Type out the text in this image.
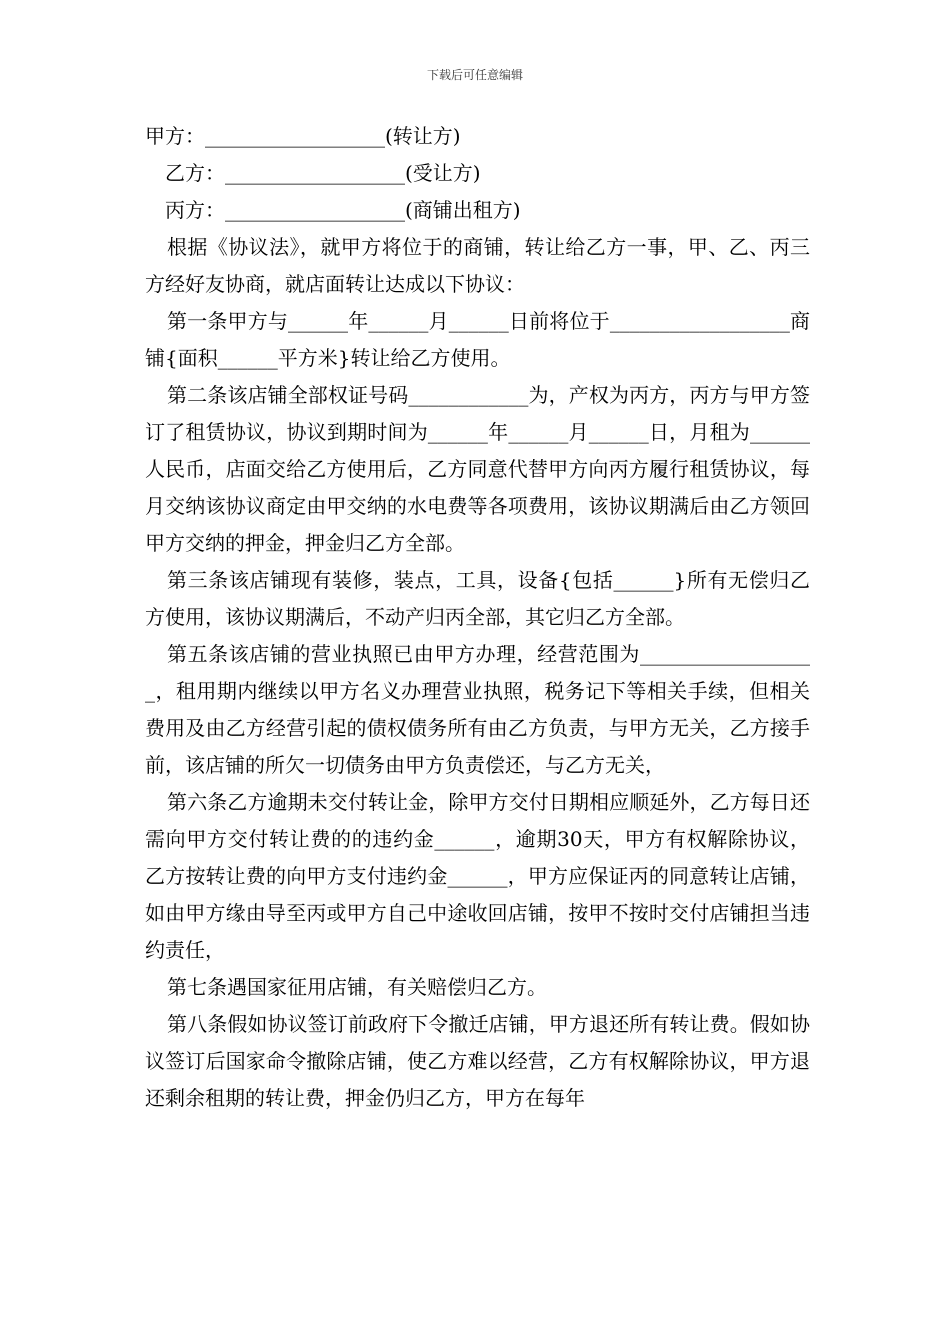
下载后可任意编辑

甲方：__________________(转让方)

乙方：__________________(受让方)

丙方：__________________(商铺出租方)

根据《协议法》，就甲方将位于的商铺，转让给乙方一事，甲、乙、丙三方经好友协商，就店面转让达成以下协议：

第一条甲方与______年______月______日前将位于__________________商铺{面积______平方米}转让给乙方使用。

第二条该店铺全部权证号码____________为，产权为丙方，丙方与甲方签订了租赁协议，协议到期时间为______年______月______日，月租为______人民币，店面交给乙方使用后，乙方同意代替甲方向丙方履行租赁协议，每月交纳该协议商定由甲交纳的水电费等各项费用，该协议期满后由乙方领回甲方交纳的押金，押金归乙方全部。

第三条该店铺现有装修，装点，工具，设备{包括______}所有无偿归乙方使用，该协议期满后，不动产归丙全部，其它归乙方全部。

第五条该店铺的营业执照已由甲方办理，经营范围为__________________，租用期内继续以甲方名义办理营业执照，税务记下等相关手续，但相关费用及由乙方经营引起的债权债务所有由乙方负责，与甲方无关，乙方接手前，该店铺的所欠一切债务由甲方负责偿还，与乙方无关，

第六条乙方逾期未交付转让金，除甲方交付日期相应顺延外，乙方每日还需向甲方交付转让费的的违约金______，逾期30天，甲方有权解除协议，乙方按转让费的向甲方支付违约金______，甲方应保证丙的同意转让店铺，如由甲方缘由导至丙或甲方自己中途收回店铺，按甲不按时交付店铺担当违约责任，

第七条遇国家征用店铺，有关赔偿归乙方。

第八条假如协议签订前政府下令撤迁店铺，甲方退还所有转让费。假如协议签订后国家命令撤除店铺，使乙方难以经营，乙方有权解除协议，甲方退还剩余租期的转让费，押金仍归乙方，甲方在每年
